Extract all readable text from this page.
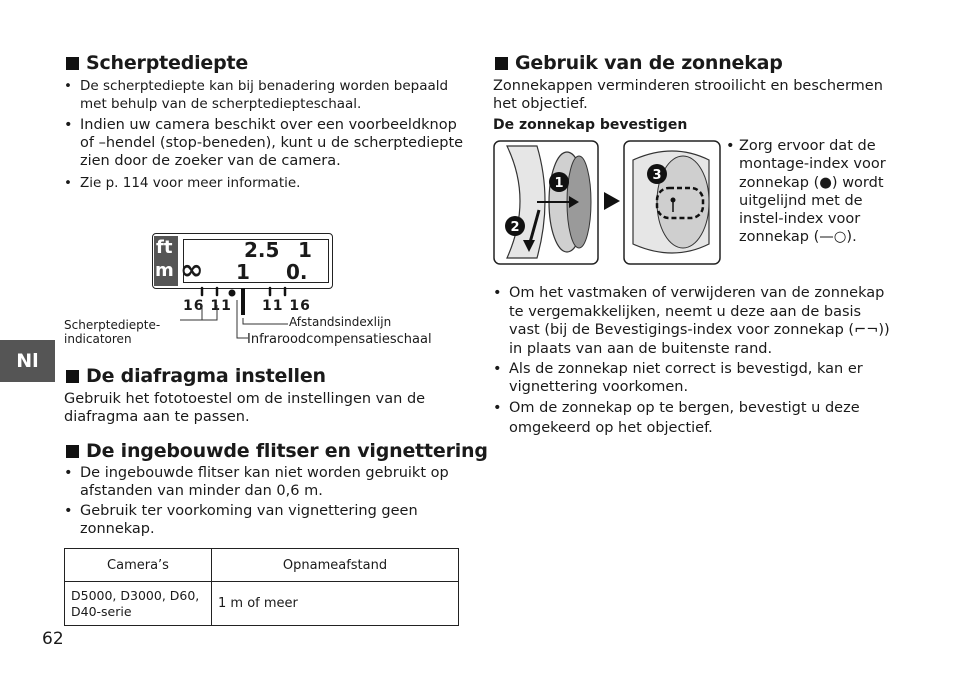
Scherptediepte
• De scherptediepte kan bij benadering worden bepaald met behulp van de scherptediepteschaal.
• Indien uw camera beschikt over een voorbeeldknop of –hendel (stop-beneden), kunt u de scherptediepte zien door de zoeker van de camera.
• Zie p. 114 voor meer informatie.
ft
m
2.5 1
∞ 1 0.
16 11 11 16
Scherptediepte-
indicatoren
Afstandsindexlijn
Infraroodcompensatieschaal
De diafragma instellen
Gebruik het fototoestel om de instellingen van de diafragma aan te passen.
De ingebouwde flitser en vignettering
• De ingebouwde flitser kan niet worden gebruikt op afstanden van minder dan 0,6 m.
• Gebruik ter voorkoming van vignettering geen zonnekap.
Camera’s	Opnameafstand
D5000, D3000, D60, D40-serie	1 m of meer
Nl
62
Gebruik van de zonnekap
Zonnekappen verminderen strooilicht en beschermen het objectief.
De zonnekap bevestigen
1
2
3
• Zorg ervoor dat de montage-index voor zonnekap (●) wordt uitgelijnd met de instel-index voor zonnekap (—○).
• Om het vastmaken of verwijderen van de zonnekap te vergemakkelijken, neemt u deze aan de basis vast (bij de Bevestigings-index voor zonnekap (⌐¬)) in plaats van aan de buitenste rand.
• Als de zonnekap niet correct is bevestigd, kan er vignettering voorkomen.
• Om de zonnekap op te bergen, bevestigt u deze omgekeerd op het objectief.
